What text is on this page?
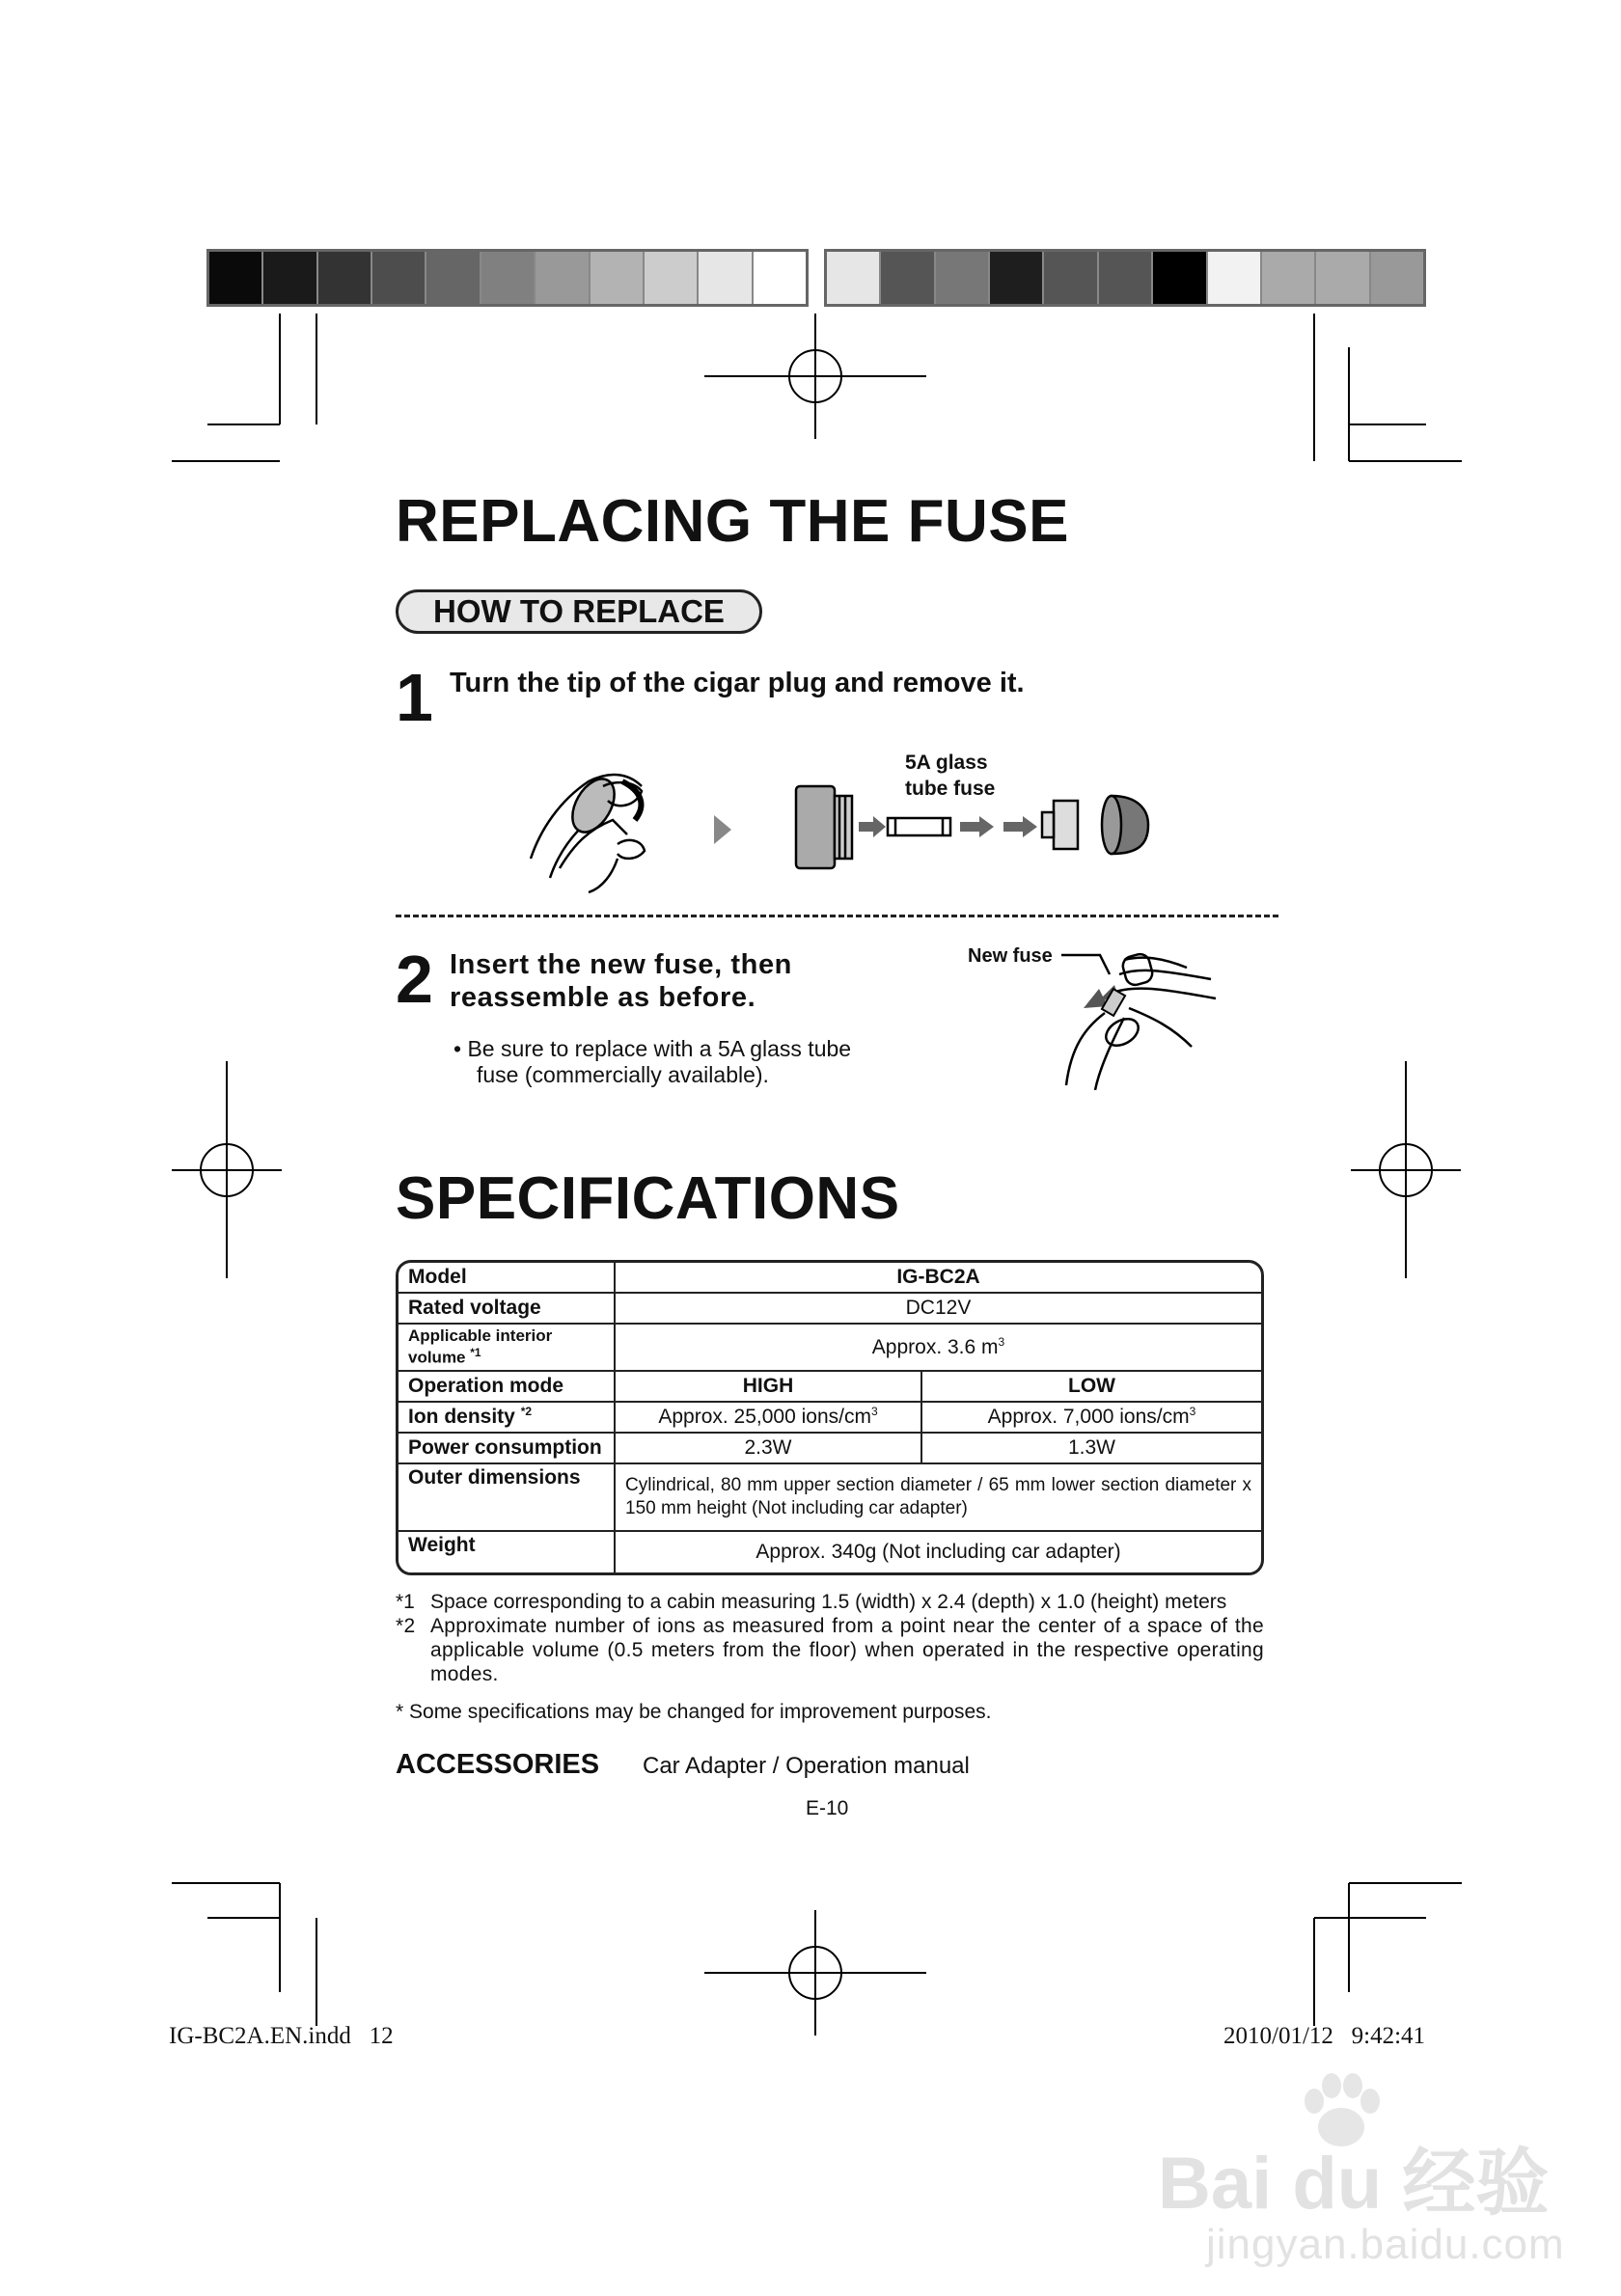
REPLACING THE FUSE
HOW TO REPLACE
1 Turn the tip of the cigar plug and remove it.
5A glass
tube fuse
2 Insert the new fuse, then
reassemble as before.
• Be sure to replace with a 5A glass tube
fuse (commercially available).
New fuse
SPECIFICATIONS
Model	IG-BC2A	
Rated voltage	DC12V	
Applicable interior volume $^{*1}$	Approx. 3.6 $m^3$
Operation mode	HIGH	LOW
Ion density $^{*2}$	Approx. 25,000 ions/$cm^3$	Approx. 7,000 ions/$cm^3$
Power consumption	2.3W	1.3W
Outer dimensions	Cylindrical, 80 mm upper section diameter / 65 mm lower section diameter x 150 mm height (Not including car adapter)	
Weight	Approx. 340g (Not including car adapter)	
*1 Space corresponding to a cabin measuring 1.5 (width) x 2.4 (depth) x 1.0 (height) meters
*2 Approximate number of ions as measured from a point near the center of a space of the applicable volume (0.5 meters from the floor) when operated in the respective operating modes.
* Some specifications may be changed for improvement purposes.
ACCESSORIES Car Adapter / Operation manual
E-10
IG-BC2A.EN.indd   12	2010/01/12   9:42:41
Bai du 经验
jingyan.baidu.com
